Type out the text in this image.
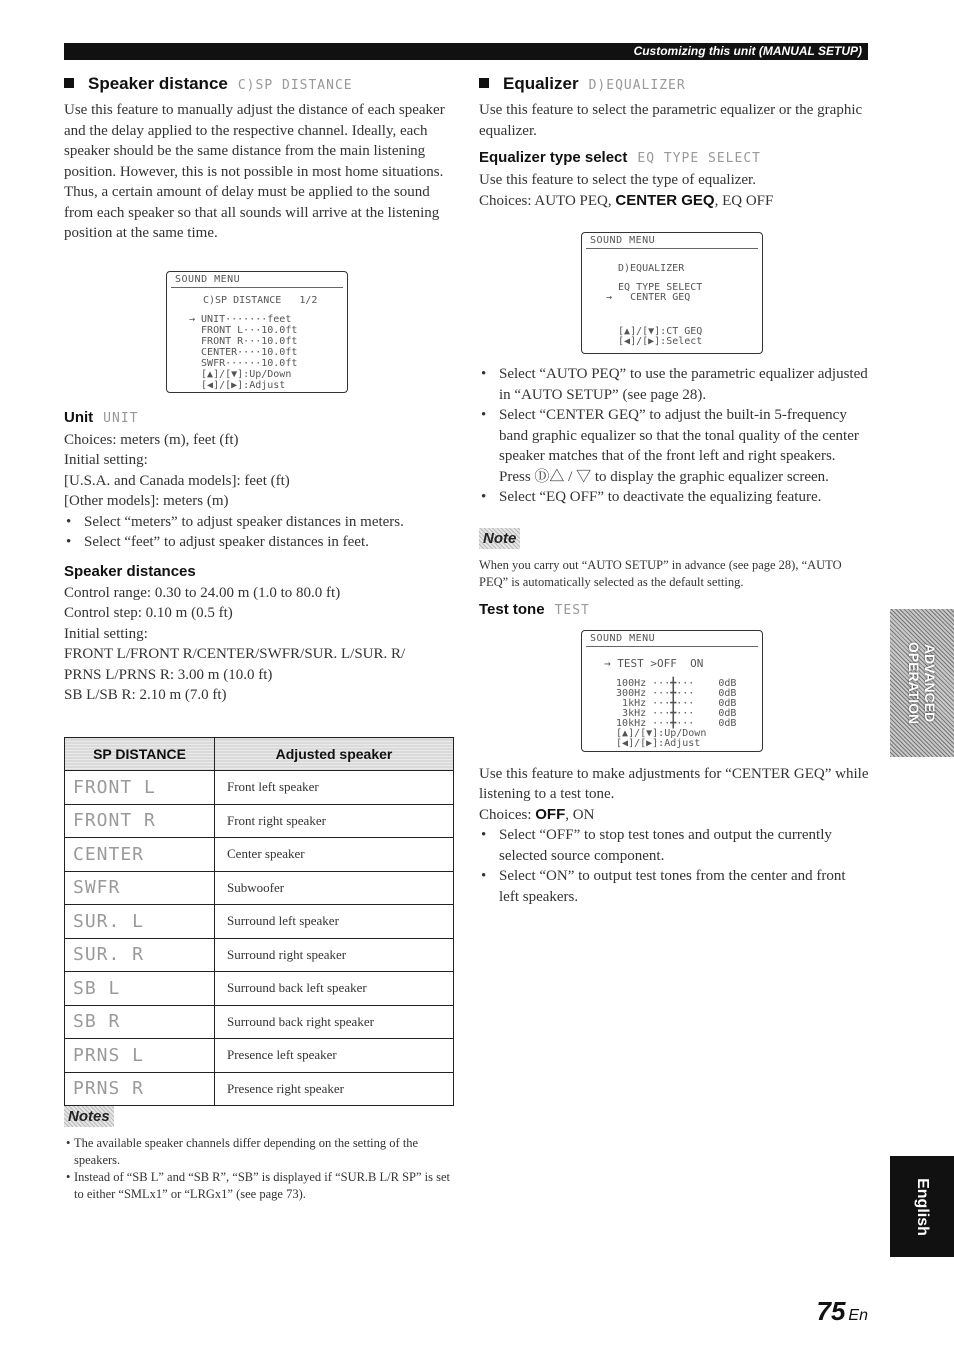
Customizing this unit (MANUAL SETUP)
Speaker distance C)SP DISTANCE

Use this feature to manually adjust the distance of each speaker and the delay applied to the respective channel. Ideally, each speaker should be the same distance from the main listening position. However, this is not possible in most home situations. Thus, a certain amount of delay must be applied to the sound from each speaker so that all sounds will arrive at the listening position at the same time.

SOUND MENU
C)SP DISTANCE   1/2
→ UNIT·······feet
FRONT L···10.0ft
FRONT R···10.0ft
CENTER····10.0ft
SWFR······10.0ft
[▲]/[▼]:Up/Down
[◀]/[▶]:Adjust
Unit UNIT

Choices: meters (m), feet (ft)

Initial setting:

[U.S.A. and Canada models]: feet (ft)

[Other models]: meters (m)

• Select “meters” to adjust speaker distances in meters.
• Select “feet” to adjust speaker distances in feet.
Speaker distances

Control range: 0.30 to 24.00 m (1.0 to 80.0 ft)

Control step: 0.10 m (0.5 ft)

Initial setting:

FRONT L/FRONT R/CENTER/SWFR/SUR. L/SUR. R/

PRNS L/PRNS R: 3.00 m (10.0 ft)

SB L/SB R: 2.10 m (7.0 ft)

SP DISTANCE	Adjusted speaker
FRONT L	Front left speaker
FRONT R	Front right speaker
CENTER	Center speaker
SWFR	Subwoofer
SUR. L	Surround left speaker
SUR. R	Surround right speaker
SB L	Surround back left speaker
SB R	Surround back right speaker
PRNS L	Presence left speaker
PRNS R	Presence right speaker
Notes
• The available speaker channels differ depending on the setting of the speakers.
• Instead of “SB L” and “SB R”, “SB” is displayed if “SUR.B L/R SP” is set to either “SMLx1” or “LRGx1” (see page 73).
Equalizer D)EQUALIZER

Use this feature to select the parametric equalizer or the graphic equalizer.

Equalizer type select EQ TYPE SELECT

Use this feature to select the type of equalizer.

Choices: AUTO PEQ, CENTER GEQ, EQ OFF

SOUND MENU
D)EQUALIZER
EQ TYPE SELECT
→   CENTER GEQ
[▲]/[▼]:CT GEQ
[◀]/[▶]:Select
• Select “AUTO PEQ” to use the parametric equalizer adjusted in “AUTO SETUP” (see page 28).
• Select “CENTER GEQ” to adjust the built-in 5-frequency band graphic equalizer so that the tonal quality of the center speaker matches that of the front left and right speakers. Press Ⓓ△ / ▽ to display the graphic equalizer screen.
• Select “EQ OFF” to deactivate the equalizing feature.
Note

When you carry out “AUTO SETUP” in advance (see page 28), “AUTO PEQ” is automatically selected as the default setting.

Test tone TEST
SOUND MENU
→ TEST >OFF  ON
100Hz ···╋···    0dB
300Hz ···╋···    0dB
1kHz ···╋···    0dB
3kHz ···╋···    0dB
10kHz ···╋···    0dB
[▲]/[▼]:Up/Down
[◀]/[▶]:Adjust

Use this feature to make adjustments for “CENTER GEQ” while listening to a test tone.

Choices: OFF, ON

• Select “OFF” to stop test tones and output the currently selected source component.
• Select “ON” to output test tones from the center and front left speakers.
ADVANCED OPERATION
English
75 En
